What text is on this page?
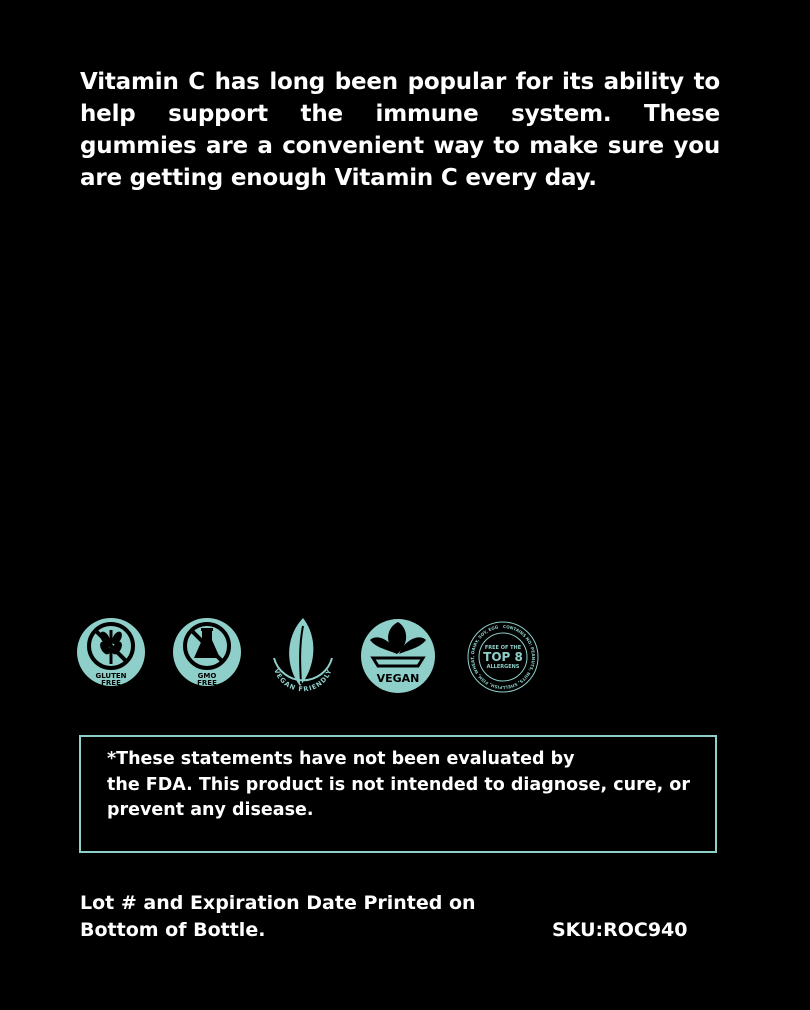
Vitamin C has long been popular for its ability to help support the immune system. These gummies are a convenient way to make sure you are getting enough Vitamin C every day.

GLUTEN
FREE
GMO
FREE
VEGAN FRIENDLY
VEGAN
CONTAINS NO: PEANUTS, NUTS, SHELLFISH, FISH, WHEAT, DAIRY, SOY, EGG
FREE OF THE
TOP 8
ALLERGENS

*These statements have not been evaluated by
the FDA. This product is not intended to diagnose, cure, or prevent any disease.

Lot # and Expiration Date Printed on Bottom of Bottle.	SKU:ROC940
